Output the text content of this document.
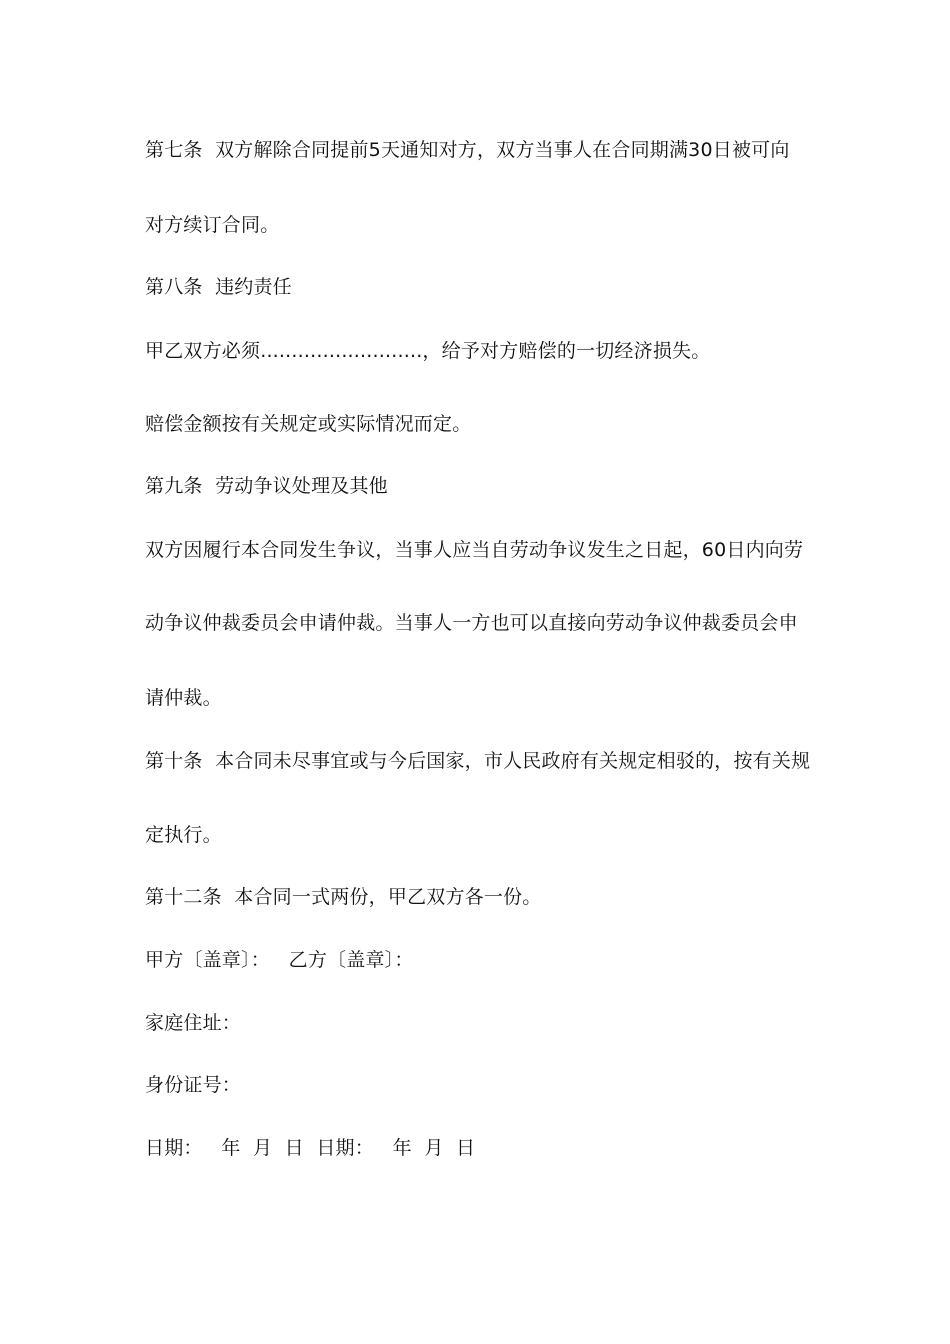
第七条  双方解除合同提前5天通知对方，双方当事人在合同期满30日被可向
对方续订合同。
第八条  违约责任
甲乙双方必须..........................，给予对方赔偿的一切经济损失。
赔偿金额按有关规定或实际情况而定。
第九条  劳动争议处理及其他
双方因履行本合同发生争议，当事人应当自劳动争议发生之日起，60日内向劳
动争议仲裁委员会申请仲裁。当事人一方也可以直接向劳动争议仲裁委员会申
请仲裁。
第十条  本合同未尽事宜或与今后国家，市人民政府有关规定相驳的，按有关规
定执行。
第十二条  本合同一式两份，甲乙双方各一份。
甲方〔盖章〕：   乙方〔盖章〕：
家庭住址：
身份证号：
日期：   年  月  日  日期：   年  月  日
